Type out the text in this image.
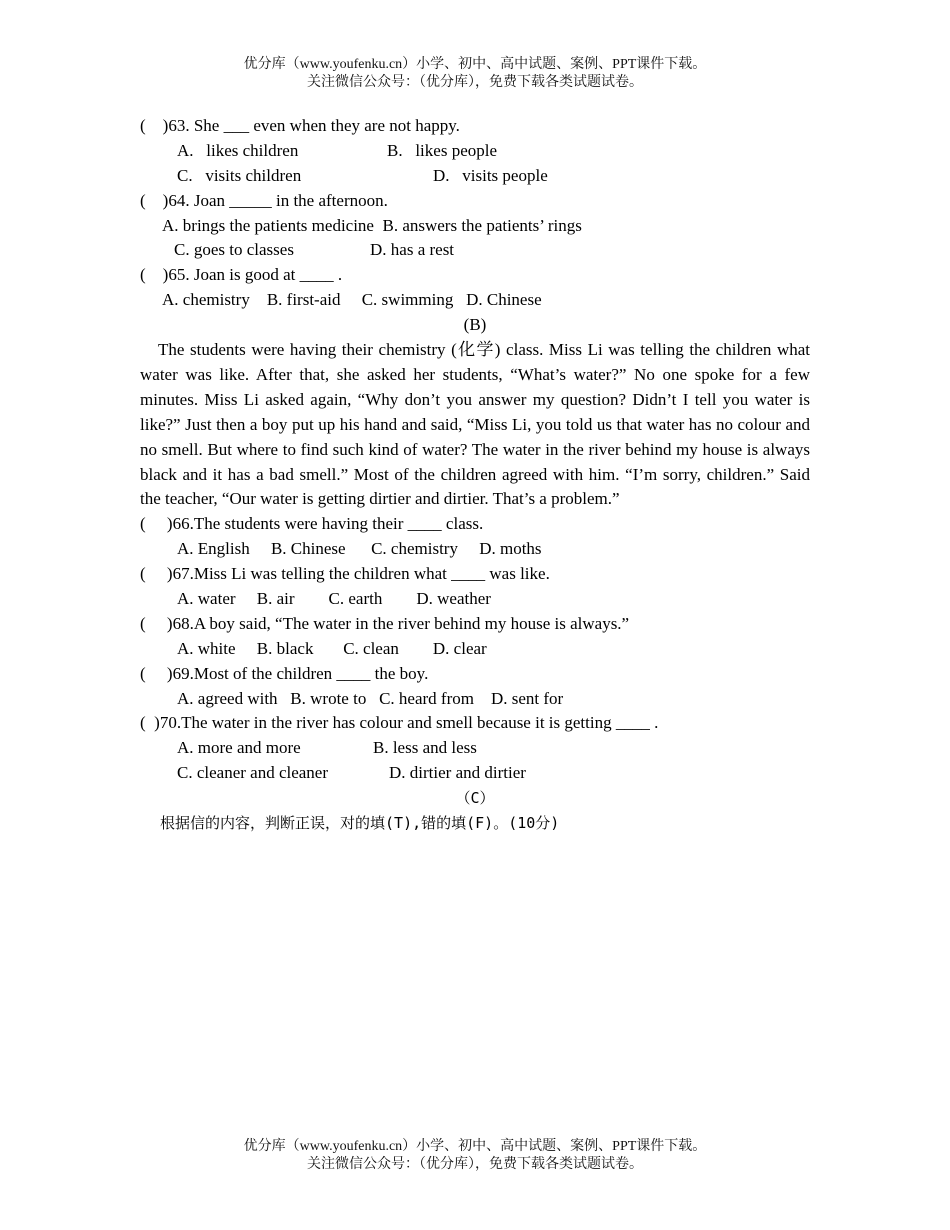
优分库（www.youfenku.cn）小学、初中、高中试题、案例、PPT课件下载。
关注微信公众号：（优分库），免费下载各类试题试卷。
(    )63. She ___ even when they are not happy.
A.   likes children	B.   likes people
C.   visits children	D.   visits people
(    )64. Joan _____ in the afternoon.
A. brings the patients medicine  B. answers the patients’ rings
C. goes to classes	D. has a rest
(    )65. Joan is good at ____ .
A. chemistry    B. first-aid     C. swimming   D. Chinese
(B)
The students were having their chemistry (化学) class. Miss Li was telling the children what water was like. After that, she asked her students, “What’s water?” No one spoke for a few minutes. Miss Li asked again, “Why don’t you answer my question? Didn’t I tell you water is like?” Just then a boy put up his hand and said, “Miss Li, you told us that water has no colour and no smell. But where to find such kind of water? The water in the river behind my house is always black and it has a bad smell.” Most of the children agreed with him. “I’m sorry, children.” Said the teacher, “Our water is getting dirtier and dirtier. That’s a problem.”
(     )66.The students were having their ____ class.
A. English     B. Chinese      C. chemistry     D. moths
(     )67.Miss Li was telling the children what ____ was like.
A. water     B. air        C. earth        D. weather
(     )68.A boy said, “The water in the river behind my house is always.”
A. white     B. black       C. clean        D. clear
(     )69.Most of the children ____ the boy.
A. agreed with   B. wrote to   C. heard from    D. sent for
(  )70.The water in the river has colour and smell because it is getting ____ .
A. more and more	B. less and less
C. cleaner and cleaner	D. dirtier and dirtier
（C）
根据信的内容，判断正误，对的填(T),错的填(F)。(10分)
优分库（www.youfenku.cn）小学、初中、高中试题、案例、PPT课件下载。
关注微信公众号：（优分库），免费下载各类试题试卷。
